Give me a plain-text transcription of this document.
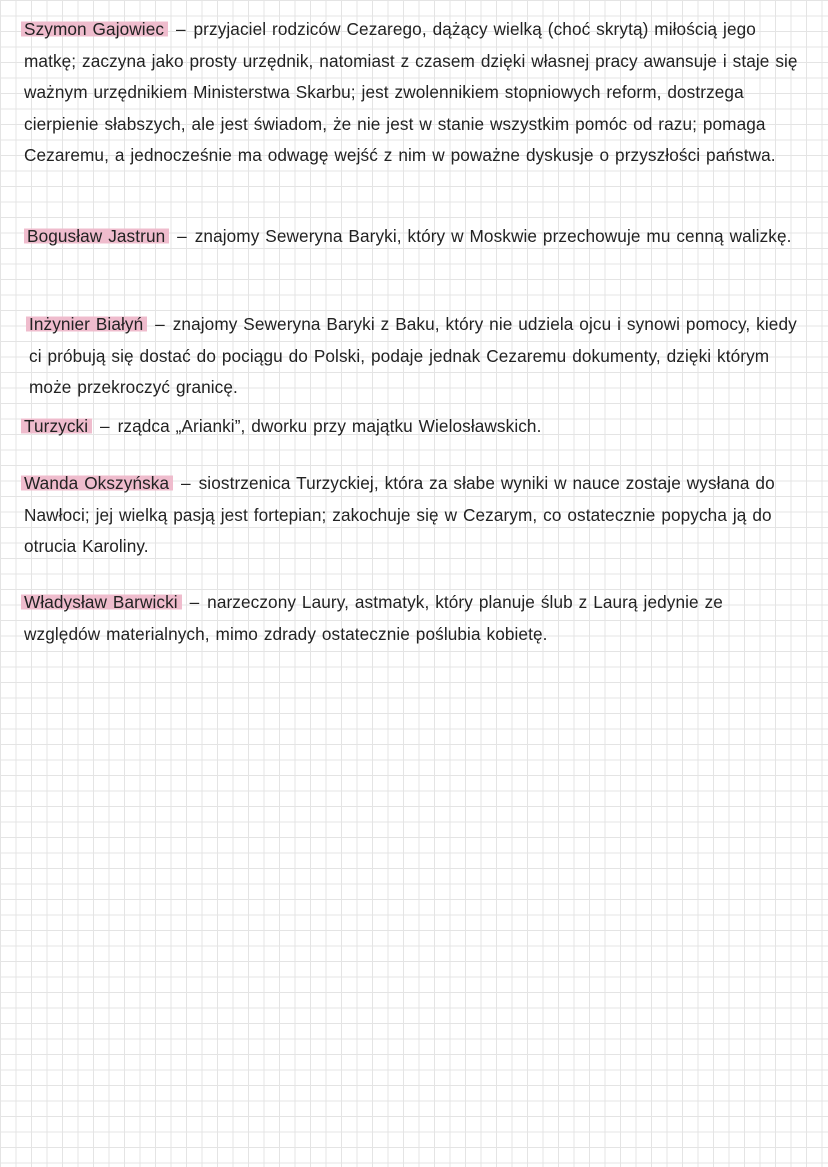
Szymon Gajowiec – przyjaciel rodziców Cezarego, dążący wielką (choć skrytą) miłością jego matkę; zaczyna jako prosty urzędnik, natomiast z czasem dzięki własnej pracy awansuje i staje się ważnym urzędnikiem Ministerstwa Skarbu; jest zwolennikiem stopniowych reform, dostrzega cierpienie słabszych, ale jest świadom, że nie jest w stanie wszystkim pomóc od razu; pomaga Cezaremu, a jednocześnie ma odwagę wejść z nim w poważne dyskusje o przyszłości państwa.
Bogusław Jastrun – znajomy Seweryna Baryki, który w Moskwie przechowuje mu cenną walizkę.
Inżynier Białyń – znajomy Seweryna Baryki z Baku, który nie udziela ojcu i synowi pomocy, kiedy ci próbują się dostać do pociągu do Polski, podaje jednak Cezaremu dokumenty, dzięki którym może przekroczyć granicę.
Turzycki – rządca „Arianki”, dworku przy majątku Wielosławskich.
Wanda Okszyńska – siostrzenica Turzyckiej, która za słabe wyniki w nauce zostaje wysłana do Nawłoci; jej wielką pasją jest fortepian; zakochuje się w Cezarym, co ostatecznie popycha ją do otrucia Karoliny.
Władysław Barwicki – narzeczony Laury, astmatyk, który planuje ślub z Laurą jedynie ze względów materialnych, mimo zdrady ostatecznie poślubia kobietę.
